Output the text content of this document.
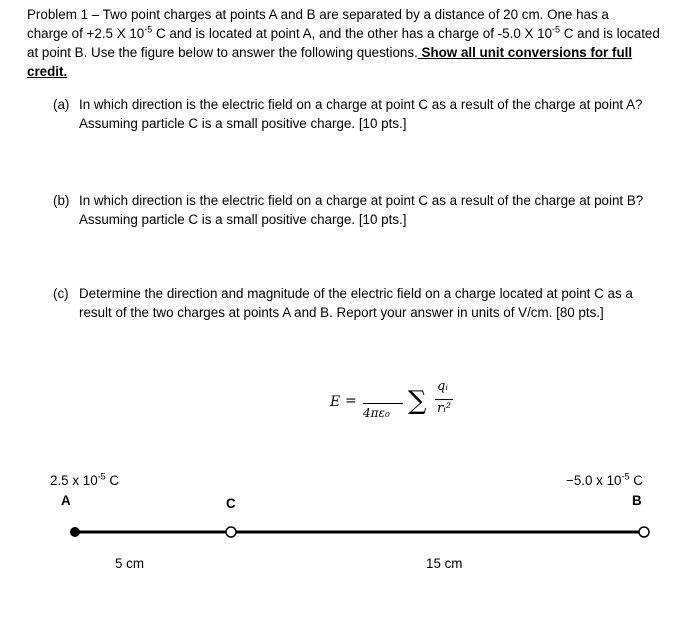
Problem 1 – Two point charges at points A and B are separated by a distance of 20 cm. One has a
charge of +2.5 X $10^{-5}$ C and is located at point A, and the other has a charge of -5.0 X $10^{-5}$ C and is located
at point B. Use the figure below to answer the following questions. Show all unit conversions for full
credit.
(a) In which direction is the electric field on a charge at point C as a result of the charge at point A?
Assuming particle C is a small positive charge. [10 pts.]
(b) In which direction is the electric field on a charge at point C as a result of the charge at point B?
Assuming particle C is a small positive charge. [10 pts.]
(c) Determine the direction and magnitude of the electric field on a charge located at point C as a
result of the two charges at points A and B. Report your answer in units of V/cm. [80 pts.]
E =
4πε₀ ∑ qᵢ
rᵢ²
2.5 x $10^{-5}$ C
A	C
−5.0 x $10^{-5}$ C
B
5 cm	15 cm
